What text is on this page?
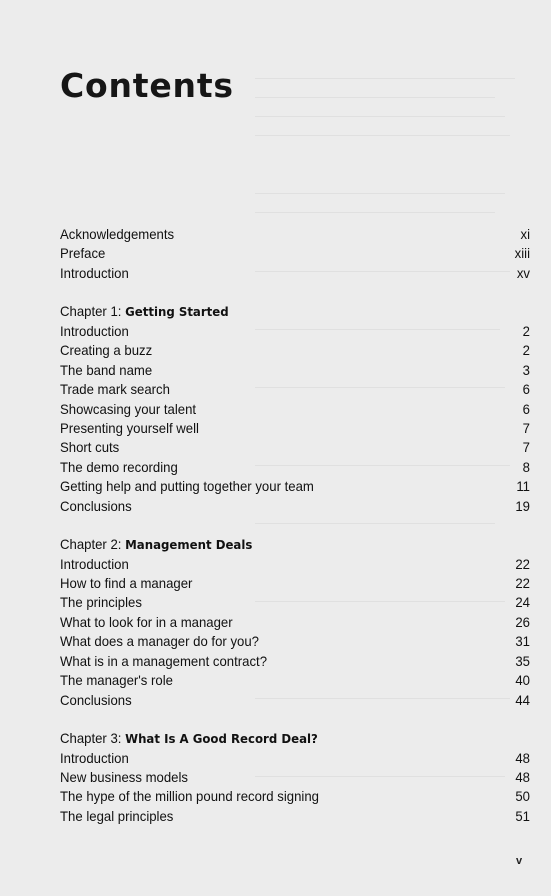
Contents
Acknowledgements	xi
Preface	xiii
Introduction	xv
Chapter 1: Getting Started
Introduction	2
Creating a buzz	2
The band name	3
Trade mark search	6
Showcasing your talent	6
Presenting yourself well	7
Short cuts	7
The demo recording	8
Getting help and putting together your team	11
Conclusions	19
Chapter 2: Management Deals
Introduction	22
How to find a manager	22
The principles	24
What to look for in a manager	26
What does a manager do for you?	31
What is in a management contract?	35
The manager's role	40
Conclusions	44
Chapter 3: What Is A Good Record Deal?
Introduction	48
New business models	48
The hype of the million pound record signing	50
The legal principles	51
v
